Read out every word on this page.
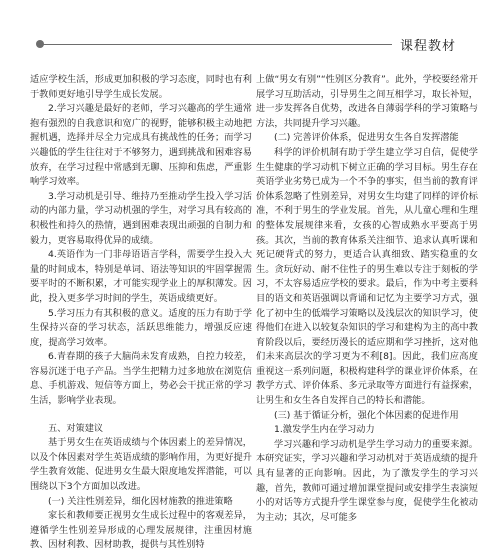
课程教材

适应学校生活，形成更加积极的学习态度，同时也有利于教师更好地引导学生成长发展。

2.学习兴趣是最好的老师，学习兴趣高的学生通常抱有强烈的自我意识和宽广的视野，能够积极主动地把握机遇，选择并尽全力完成具有挑战性的任务；而学习兴趣低的学生往往对于不够努力，遇到挑战和困难容易放弃，在学习过程中常感到无聊、压抑和焦虑，严重影响学习效率。

3.学习动机是引导、维持乃至推动学生投入学习活动的内部力量，学习动机强的学生，对学习具有较高的积极性和持久的热情，遇到困难表现出顽强的自制力和毅力，更容易取得优异的成绩。

4.英语作为一门非母语语言学科，需要学生投入大量的时间成本，特别是单词、语法等知识的牢固掌握需要平时的不断积累，才可能实现学业上的厚积薄发。因此，投入更多学习时间的学生，英语成绩更好。

5.学习压力有其积极的意义。适度的压力有助于学生保持兴奋的学习状态，活跃思维能力，增强反应速度，提高学习效率。

6.青春期的孩子大脑尚未发育成熟，自控力较差，容易沉迷于电子产品。当学生把精力过多地放在浏览信息、手机游戏、短信等方面上，势必会干扰正常的学习生活，影响学业表现。

五、对策建议

基于男女生在英语成绩与个体因素上的差异情况，以及个体因素对学生英语成绩的影响作用，为更好提升学生教育效能、促进男女生最大限度地发挥潜能，可以围绕以下3个方面加以改进。

(一) 关注性别差异，细化因材施教的推进策略

家长和教师要正视男女生成长过程中的客观差异，遵循学生性别差异形成的心理发展规律，注重因材施教、因材利教、因材助教，提供与其性别特

上做“男女有别”“性别区分教育”。此外，学校要经常开展学习互助活动，引导男生之间互相学习，取长补短，进一步发挥各自优势，改进各自薄弱学科的学习策略与方法，共同提升学习兴趣。

(二) 完善评价体系，促进男女生各自发挥潜能

科学的评价机制有助于学生建立学习自信，促使学生生健康的学习动机下树立正确的学习目标。男生存在英语学业劣势已成为一个不争的事实，但当前的教育评价体系忽略了性别差异，对男女生均建了同样的评价标准，不利于男生的学业发展。首先，从儿童心理和生理的整体发展规律来看，女孩的心智成熟水平要高于男孩。其次，当前的教育体系关注细节、追求认真听课和死记硬背式的努力，更适合认真细致、踏实稳重的女生。贪玩好动、耐不住性子的男生难以专注于刻板的学习，不太容易适应学校的要求。最后，作为中考主要科目的语文和英语强调以背诵和记忆为主要学习方式，强化了初中生的低端学习策略以及浅层次的知识学习，使得他们在进入以较复杂知识的学习和建构为主的高中教育阶段以后，要经历漫长的适应期和学习挫折，这对他们未来高层次的学习更为不利[8]。因此，我们应高度重视这一系列问题，积极构建科学的课业评价体系，在教学方式、评价体系、多元录取等方面进行有益探索，让男生和女生各自发挥自己的特长和潜能。

(三) 基于循证分析，强化个体因素的促进作用

1.激发学生内在学习动力

学习兴趣和学习动机是学生学习动力的重要来源。本研究证实，学习兴趣和学习动机对于英语成绩的提升具有显著的正向影响。因此，为了激发学生的学习兴趣，首先，教师可通过增加课堂提问或安排学生表演短小的对话等方式提升学生课堂参与度，促使学生化被动为主动；其次，尽可能多
